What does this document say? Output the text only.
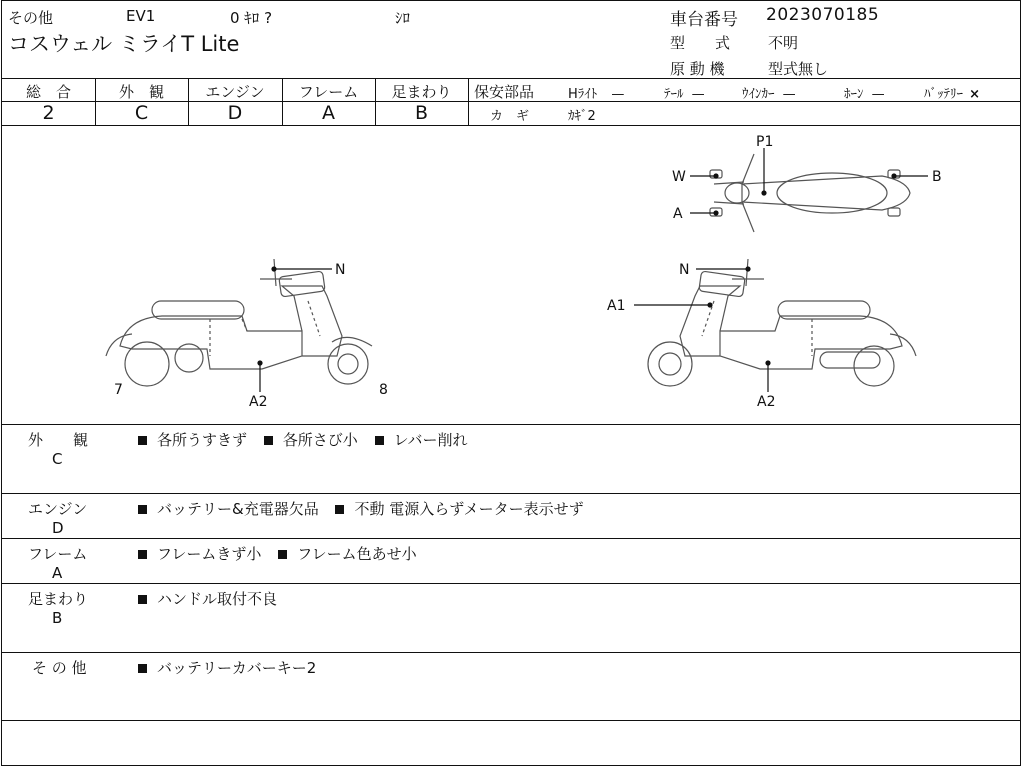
その他	EV1	0 ｷﾛ ?	ｼﾛ
コスウェル ミライT Lite
車台番号 2023070185
型　　式	不明
原 動 機	型式無し
総　合	外　観	エンジン	フレーム	足まわり
2	C	D	A	B
保安部品	Hﾗｲﾄ —	ﾃｰﾙ —	ｳｲﾝｶｰ —	ﾎｰﾝ —	ﾊﾞｯﾃﾘｰ ×
カ　ギ	ｶｷﾞ2
P1
W
A
B
N	N
A1
A2	A2
7	8
外　　観
C
各所うすきず 各所さび小 レバー削れ
エンジン
D
バッテリー&充電器欠品 不動 電源入らずメーター表示せず
フレーム
A
フレームきず小 フレーム色あせ小
足まわり
B
ハンドル取付不良
そ の 他	バッテリーカバーキー2
